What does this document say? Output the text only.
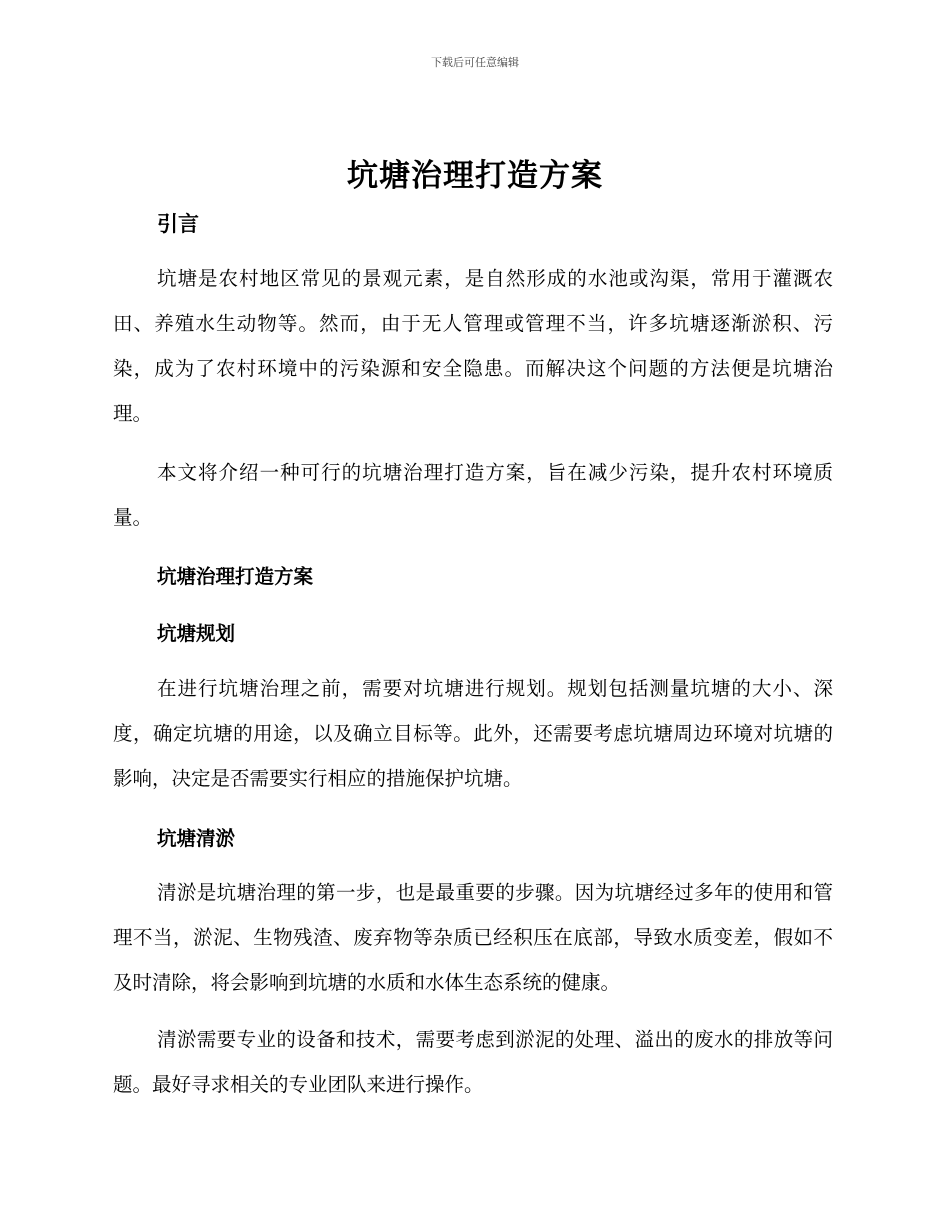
下载后可任意编辑
坑塘治理打造方案
引言
坑塘是农村地区常见的景观元素，是自然形成的水池或沟渠，常用于灌溉农田、养殖水生动物等。然而，由于无人管理或管理不当，许多坑塘逐渐淤积、污染，成为了农村环境中的污染源和安全隐患。而解决这个问题的方法便是坑塘治理。
本文将介绍一种可行的坑塘治理打造方案，旨在减少污染，提升农村环境质量。
坑塘治理打造方案
坑塘规划
在进行坑塘治理之前，需要对坑塘进行规划。规划包括测量坑塘的大小、深度，确定坑塘的用途，以及确立目标等。此外，还需要考虑坑塘周边环境对坑塘的影响，决定是否需要实行相应的措施保护坑塘。
坑塘清淤
清淤是坑塘治理的第一步，也是最重要的步骤。因为坑塘经过多年的使用和管理不当，淤泥、生物残渣、废弃物等杂质已经积压在底部，导致水质变差，假如不及时清除，将会影响到坑塘的水质和水体生态系统的健康。
清淤需要专业的设备和技术，需要考虑到淤泥的处理、溢出的废水的排放等问题。最好寻求相关的专业团队来进行操作。
